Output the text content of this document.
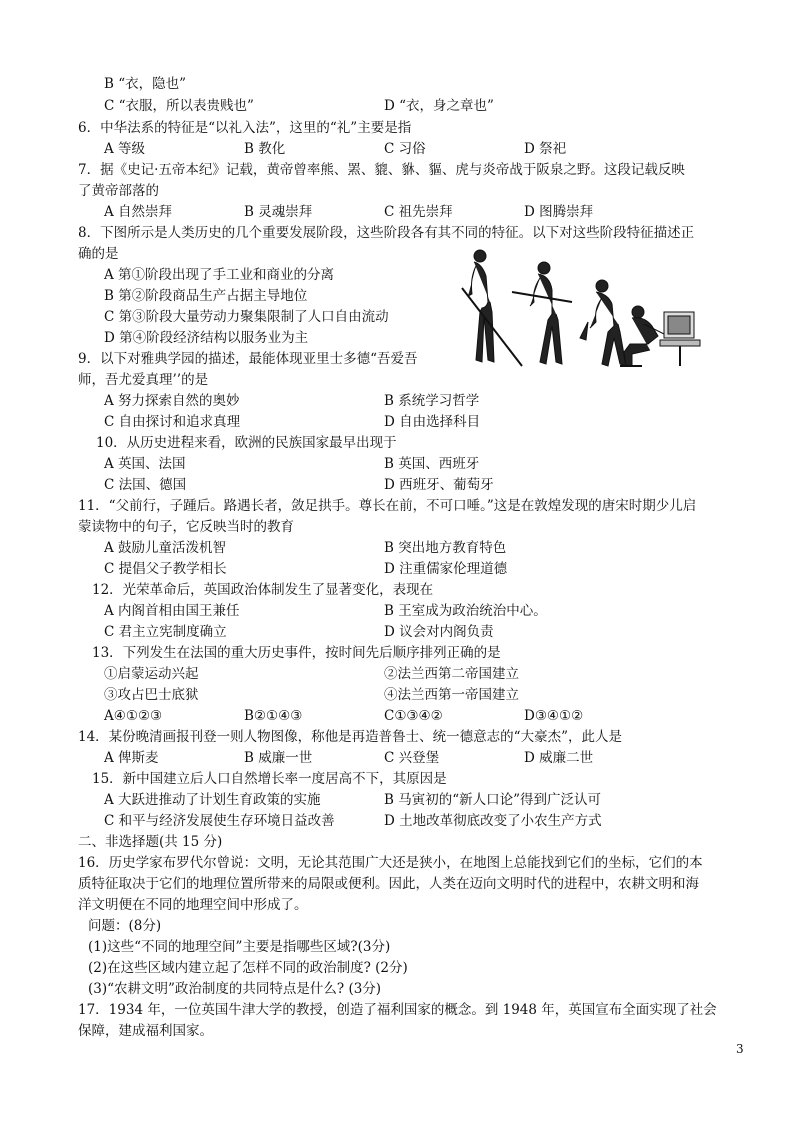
B “衣，隐也”
C “衣服，所以表贵贱也”	D “衣，身之章也”
6．中华法系的特征是“以礼入法”，这里的“礼”主要是指
A 等级	B 教化	C 习俗	D 祭祀
7．据《史记·五帝本纪》记载，黄帝曾率熊、罴、貔、貅、貙、虎与炎帝战于阪泉之野。这段记载反映
了黄帝部落的
A 自然崇拜	B 灵魂崇拜	C 祖先崇拜	D 图腾崇拜
8．下图所示是人类历史的几个重要发展阶段，这些阶段各有其不同的特征。以下对这些阶段特征描述正
确的是
A 第①阶段出现了手工业和商业的分离
B 第②阶段商品生产占据主导地位
C 第③阶段大量劳动力聚集限制了人口自由流动
D 第④阶段经济结构以服务业为主
9．以下对雅典学园的描述，最能体现亚里士多德“吾爱吾
师，吾尤爱真理’’的是
A 努力探索自然的奥妙	B 系统学习哲学
C 自由探讨和追求真理	D 自由选择科目
10．从历史进程来看，欧洲的民族国家最早出现于
A 英国、法国	B 英国、西班牙
C 法国、德国	D 西班牙、葡萄牙
11．“父前行，子踵后。路遇长者，敛足拱手。尊长在前，不可口唾。”这是在敦煌发现的唐宋时期少儿启
蒙读物中的句子，它反映当时的教育
A 鼓励儿童活泼机智	B 突出地方教育特色
C 提倡父子教学相长	D 注重儒家伦理道德
12．光荣革命后，英国政治体制发生了显著变化，表现在
A 内阁首相由国王兼任	B 王室成为政治统治中心。
C 君主立宪制度确立	D 议会对内阁负责
13．下列发生在法国的重大历史事件，按时间先后顺序排列正确的是
①启蒙运动兴起	②法兰西第二帝国建立
③攻占巴士底狱	④法兰西第一帝国建立
A④①②③	B②①④③	C①③④②	D③④①②
14．某份晚清画报刊登一则人物图像，称他是再造普鲁士、统一德意志的“大豪杰”，此人是
A 俾斯麦	B 威廉一世	C 兴登堡	D 威廉二世
15．新中国建立后人口自然增长率一度居高不下，其原因是
A 大跃进推动了计划生育政策的实施	B 马寅初的“新人口论”得到广泛认可
C 和平与经济发展使生存环境日益改善	D 土地改革彻底改变了小农生产方式
二、非选择题(共 15 分)
16．历史学家布罗代尔曾说：文明，无论其范围广大还是狭小，在地图上总能找到它们的坐标，它们的本
质特征取决于它们的地理位置所带来的局限或便利。因此，人类在迈向文明时代的进程中，农耕文明和海
洋文明便在不同的地理空间中形成了。
问题：(8分)
(1)这些“不同的地理空间”主要是指哪些区域?(3分)
(2)在这些区域内建立起了怎样不同的政治制度? (2分)
(3)“农耕文明”政治制度的共同特点是什么? (3分)
17．1934 年，一位英国牛津大学的教授，创造了福利国家的概念。到 1948 年，英国宣布全面实现了社会
保障，建成福利国家。
3
